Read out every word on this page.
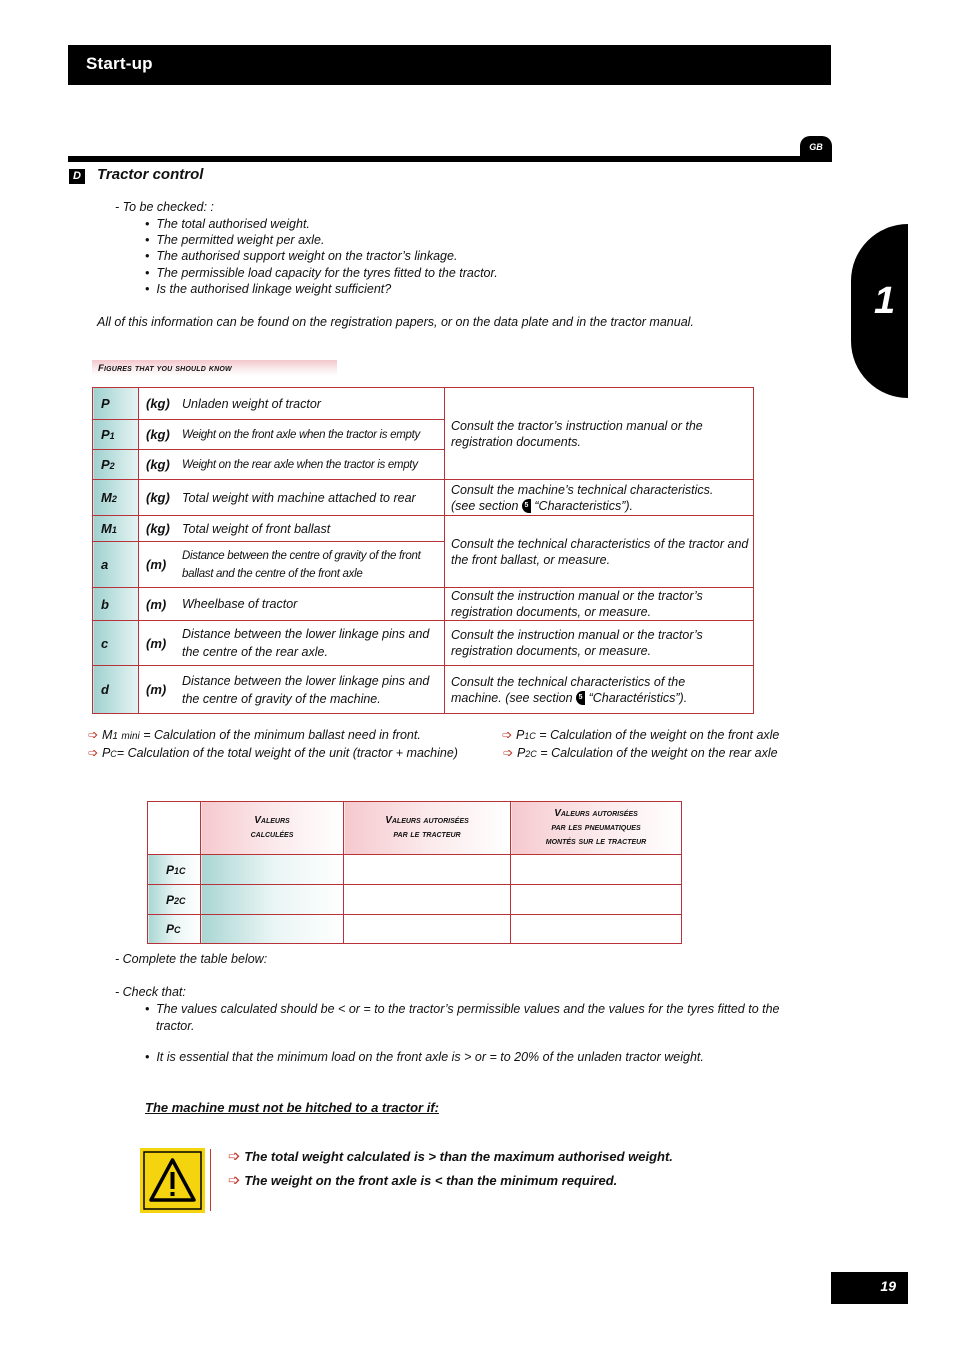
Start-up
GB
1
D Tractor control
- To be checked: :
•  The total authorised weight.
•  The permitted weight per axle.
•  The authorised support weight on the tractor’s linkage.
•  The permissible load capacity for the tyres fitted to the tractor.
•  Is the authorised linkage weight sufficient?
All of this information can be found on the registration papers, or on the data plate and in the tractor manual.
Figures that you should know
P	(kg)	Unladen weight of tractor	Consult the tractor’s instruction manual or the registration documents.
P1	(kg)	Weight on the front axle when the tractor is empty	
P2	(kg)	Weight on the rear axle when the tractor is empty	
M2	(kg)	Total weight with machine attached to rear	Consult the machine’s technical characteristics.
(see section 5 “Characteristics”).
M1	(kg)	Total weight of front ballast	Consult the technical characteristics of the tractor and the front ballast, or measure.
a	(m)	Distance between the centre of gravity of the front ballast and the centre of the front axle	
b	(m)	Wheelbase of tractor	Consult the instruction manual or the tractor’s registration documents, or measure.
c	(m)	Distance between the lower linkage pins and the centre of the rear axle.	Consult the instruction manual or the tractor’s registration documents, or measure.
d	(m)	Distance between the lower linkage pins and the centre of gravity of the machine.	Consult the technical characteristics of the
machine. (see section 5 “Charactéristics”).
➩ M1 mini = Calculation of the minimum ballast need in front.	➩ P1C = Calculation of the weight on the front axle
➩ PC= Calculation of the total weight of the unit (tractor + machine)	➩ P2C = Calculation of the weight on the rear axle
	Valeurs
calculées	Valeurs autorisées
par le tracteur	Valeurs autorisées
par les pneumatiques
montés sur le tracteur
P1C			
P2C			
PC			
- Complete the table below:
- Check that:
• The values calculated should be < or = to the tractor’s permissible values and the values for the tyres fitted to the tractor.
•  It is essential that the minimum load on the front axle is > or = to 20% of the unladen tractor weight.
The machine must not be hitched to a tractor if:
➩ The total weight calculated is > than the maximum authorised weight.
➩ The weight on the front axle is < than the minimum required.
19
